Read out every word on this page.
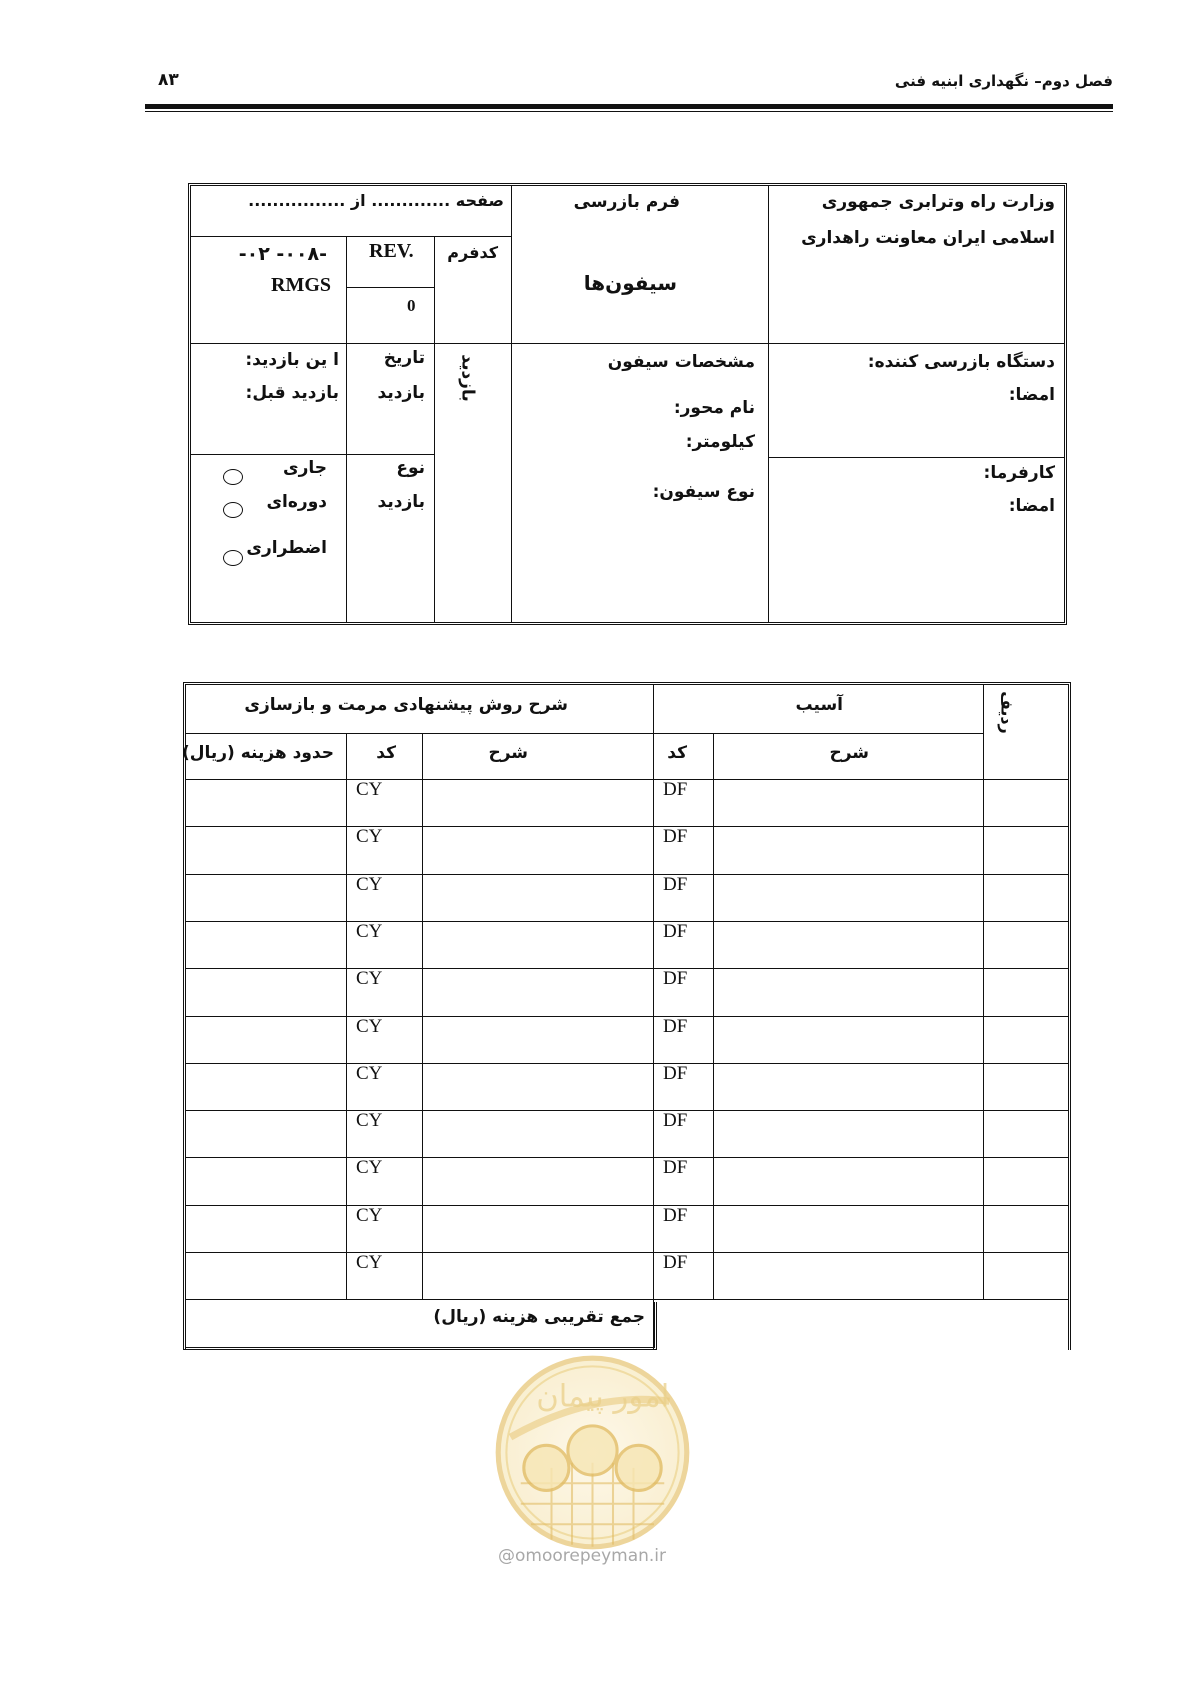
فصل دوم– نگهداری ابنیه فنی
۸۳
وزارت راه وترابری جمهوری
اسلامی ایران معاونت راهداری
فرم بازرسی
سیفون‌ها
صفحه ............. از ................
کدفرم
REV.
0
-۰۰۸- ۰۲-
RMGS
دستگاه بازرسی کننده:
امضا:
کارفرما:
امضا:
مشخصات سیفون
نام محور:
کیلومتر:
نوع سیفون:
بازدید
تاریخ
بازدید
ا ین بازدید:
بازدید قبل:
نوع
بازدید
جاری
دوره‌ای
اضطراری
ردیف
آسیب
شرح روش پیشنهادی مرمت و بازسازی
شرح
کد
شرح
کد
حدود هزینه (ریال)
جمع تقریبی هزینه (ریال)
DF
CY
DF
CY
DF
CY
DF
CY
DF
CY
DF
CY
DF
CY
DF
CY
DF
CY
DF
CY
DF
CY
امور پیمان
@omoorepeyman.ir
